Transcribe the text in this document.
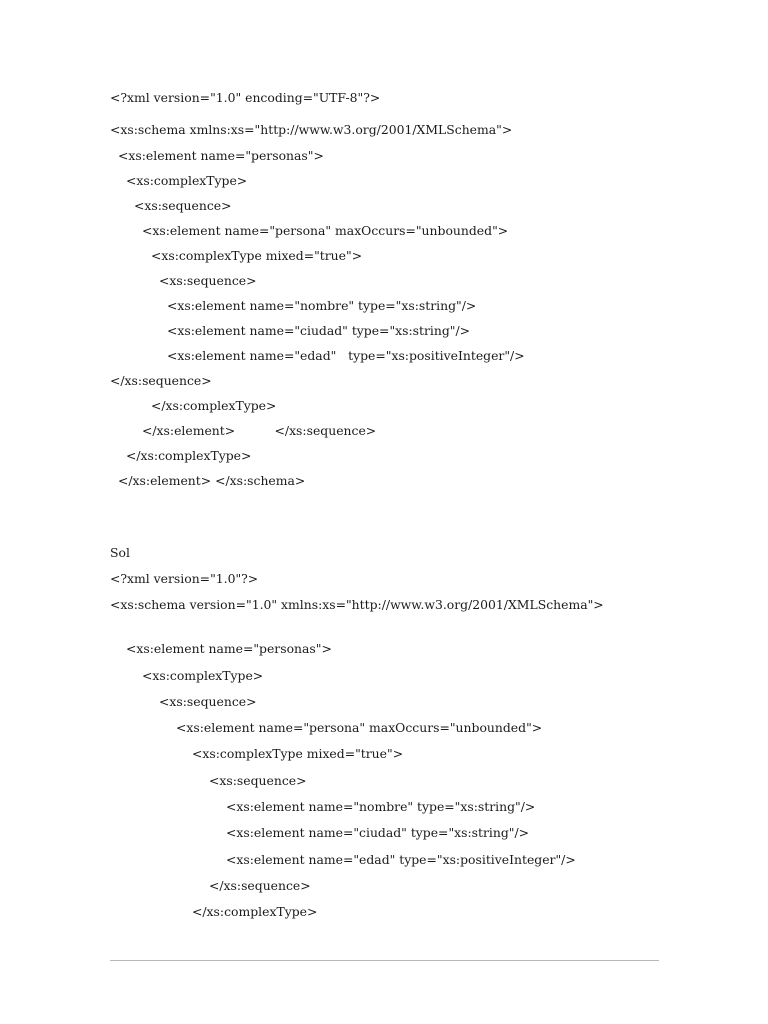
<?xml version="1.0" encoding="UTF-8"?>
<xs:schema xmlns:xs="http://www.w3.org/2001/XMLSchema">
<xs:element name="personas">
<xs:complexType>
<xs:sequence>
<xs:element name="persona" maxOccurs="unbounded">
<xs:complexType mixed="true">
<xs:sequence>
<xs:element name="nombre" type="xs:string"/>
<xs:element name="ciudad" type="xs:string"/>
<xs:element name="edad"   type="xs:positiveInteger"/>
</xs:sequence>
</xs:complexType>
</xs:element>          </xs:sequence>
</xs:complexType>
</xs:element> </xs:schema>
Sol
<?xml version="1.0"?>
<xs:schema version="1.0" xmlns:xs="http://www.w3.org/2001/XMLSchema">
<xs:element name="personas">
<xs:complexType>
<xs:sequence>
<xs:element name="persona" maxOccurs="unbounded">
<xs:complexType mixed="true">
<xs:sequence>
<xs:element name="nombre" type="xs:string"/>
<xs:element name="ciudad" type="xs:string"/>
<xs:element name="edad" type="xs:positiveInteger"/>
</xs:sequence>
</xs:complexType>
